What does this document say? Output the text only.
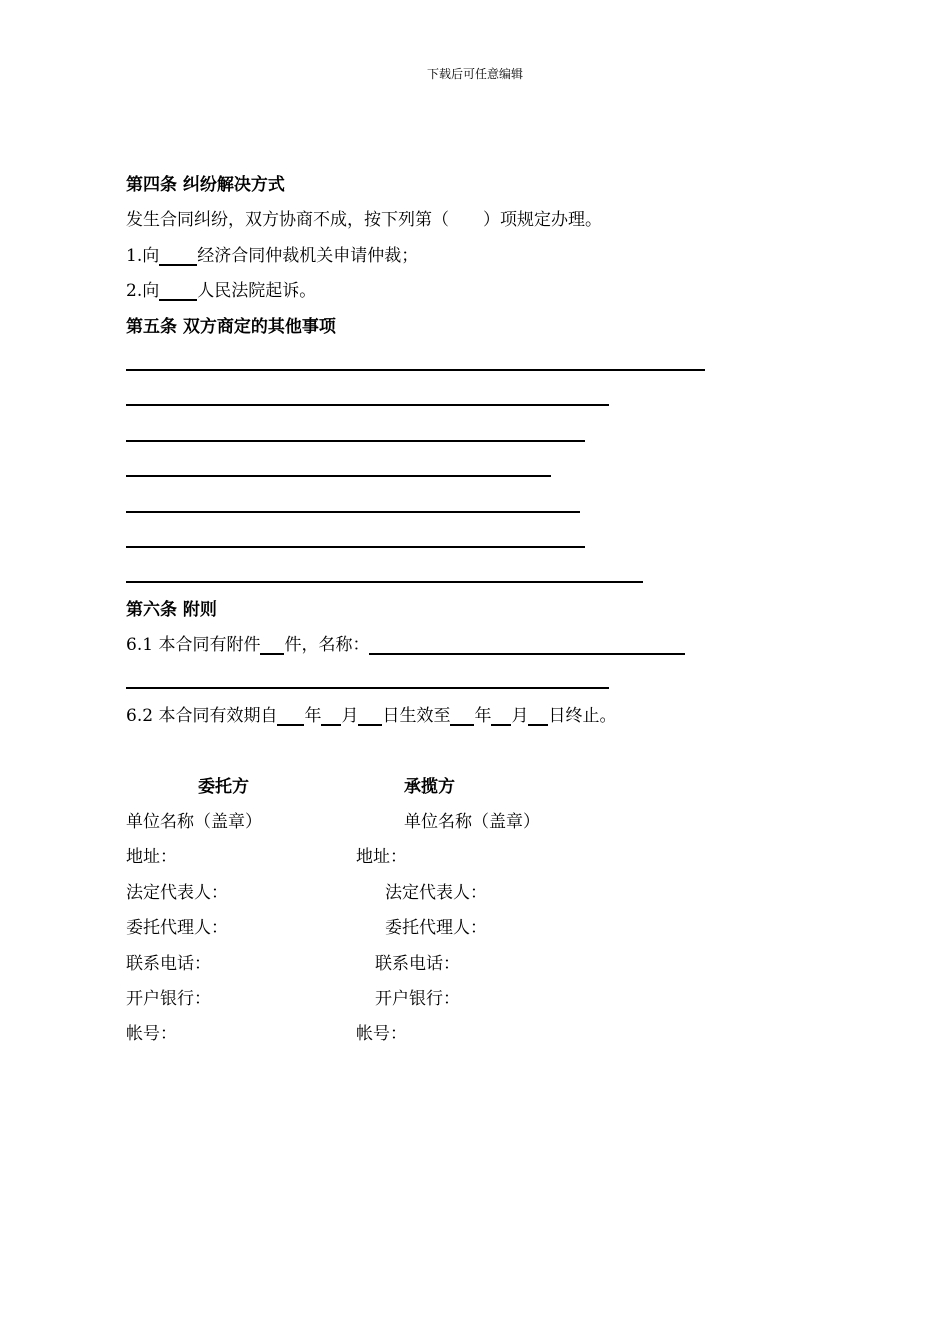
下载后可任意编辑
第四条 纠纷解决方式
发生合同纠纷，双方协商不成，按下列第（　　）项规定办理。
1.向 经济合同仲裁机关申请仲裁；
2.向 人民法院起诉。
第五条 双方商定的其他事项
第六条 附则
6.1 本合同有附件 件，名称：
6.2 本合同有效期自 年 月 日生效至 年 月 日终止。
委托方	承揽方
单位名称（盖章）	单位名称（盖章）
地址：	地址：
法定代表人：	法定代表人：
委托代理人：	委托代理人：
联系电话：	联系电话：
开户银行：	开户银行：
帐号：	帐号：
